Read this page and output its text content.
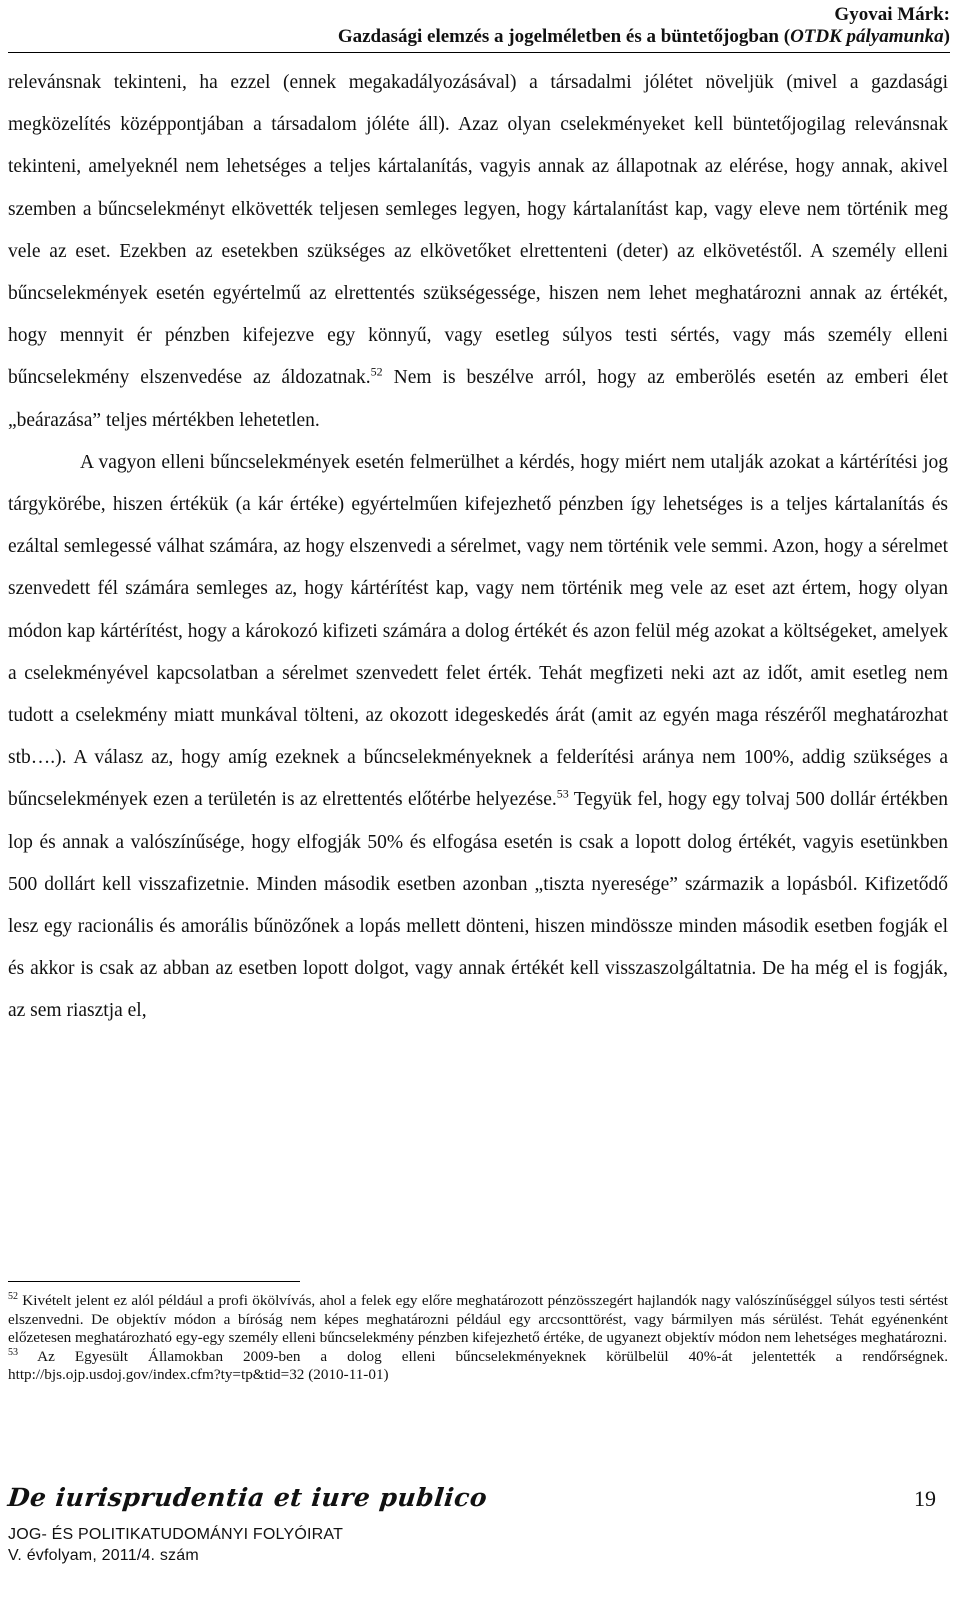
Gyovai Márk:
Gazdasági elemzés a jogelméletben és a büntetőjogban (OTDK pályamunka)

relevánsnak tekinteni, ha ezzel (ennek megakadályozásával) a társadalmi jólétet növeljük (mivel a gazdasági megközelítés középpontjában a társadalom jóléte áll). Azaz olyan cselekményeket kell büntetőjogilag relevánsnak tekinteni, amelyeknél nem lehetséges a teljes kártalanítás, vagyis annak az állapotnak az elérése, hogy annak, akivel szemben a bűncselekményt elkövették teljesen semleges legyen, hogy kártalanítást kap, vagy eleve nem történik meg vele az eset. Ezekben az esetekben szükséges az elkövetőket elrettenteni (deter) az elkövetéstől. A személy elleni bűncselekmények esetén egyértelmű az elrettentés szükségessége, hiszen nem lehet meghatározni annak az értékét, hogy mennyit ér pénzben kifejezve egy könnyű, vagy esetleg súlyos testi sértés, vagy más személy elleni bűncselekmény elszenvedése az áldozatnak.$^{52}$ Nem is beszélve arról, hogy az emberölés esetén az emberi élet „beárazása” teljes mértékben lehetetlen.

A vagyon elleni bűncselekmények esetén felmerülhet a kérdés, hogy miért nem utalják azokat a kártérítési jog tárgykörébe, hiszen értékük (a kár értéke) egyértelműen kifejezhető pénzben így lehetséges is a teljes kártalanítás és ezáltal semlegessé válhat számára, az hogy elszenvedi a sérelmet, vagy nem történik vele semmi. Azon, hogy a sérelmet szenvedett fél számára semleges az, hogy kártérítést kap, vagy nem történik meg vele az eset azt értem, hogy olyan módon kap kártérítést, hogy a károkozó kifizeti számára a dolog értékét és azon felül még azokat a költségeket, amelyek a cselekményével kapcsolatban a sérelmet szenvedett felet érték. Tehát megfizeti neki azt az időt, amit esetleg nem tudott a cselekmény miatt munkával tölteni, az okozott idegeskedés árát (amit az egyén maga részéről meghatározhat stb….). A válasz az, hogy amíg ezeknek a bűncselekményeknek a felderítési aránya nem 100%, addig szükséges a bűncselekmények ezen a területén is az elrettentés előtérbe helyezése.$^{53}$ Tegyük fel, hogy egy tolvaj 500 dollár értékben lop és annak a valószínűsége, hogy elfogják 50% és elfogása esetén is csak a lopott dolog értékét, vagyis esetünkben 500 dollárt kell visszafizetnie. Minden második esetben azonban „tiszta nyeresége” származik a lopásból. Kifizetődő lesz egy racionális és amorális bűnözőnek a lopás mellett dönteni, hiszen mindössze minden második esetben fogják el és akkor is csak az abban az esetben lopott dolgot, vagy annak értékét kell visszaszolgáltatnia. De ha még el is fogják, az sem riasztja el,

$^{52}$ Kivételt jelent ez alól például a profi ökölvívás, ahol a felek egy előre meghatározott pénzösszegért hajlandók nagy valószínűséggel súlyos testi sértést elszenvedni. De objektív módon a bíróság nem képes meghatározni például egy arccsonttörést, vagy bármilyen más sérülést. Tehát egyénenként előzetesen meghatározható egy-egy személy elleni bűncselekmény pénzben kifejezhető értéke, de ugyanezt objektív módon nem lehetséges meghatározni.

$^{53}$ Az Egyesült Államokban 2009-ben a dolog elleni bűncselekményeknek körülbelül 40%-át jelentették a rendőrségnek. http://bjs.ojp.usdoj.gov/index.cfm?ty=tp&tid=32 (2010-11-01)

De iurisprudentia et iure publico	19
JOG- ÉS POLITIKATUDOMÁNYI FOLYÓIRAT
V. évfolyam, 2011/4. szám
